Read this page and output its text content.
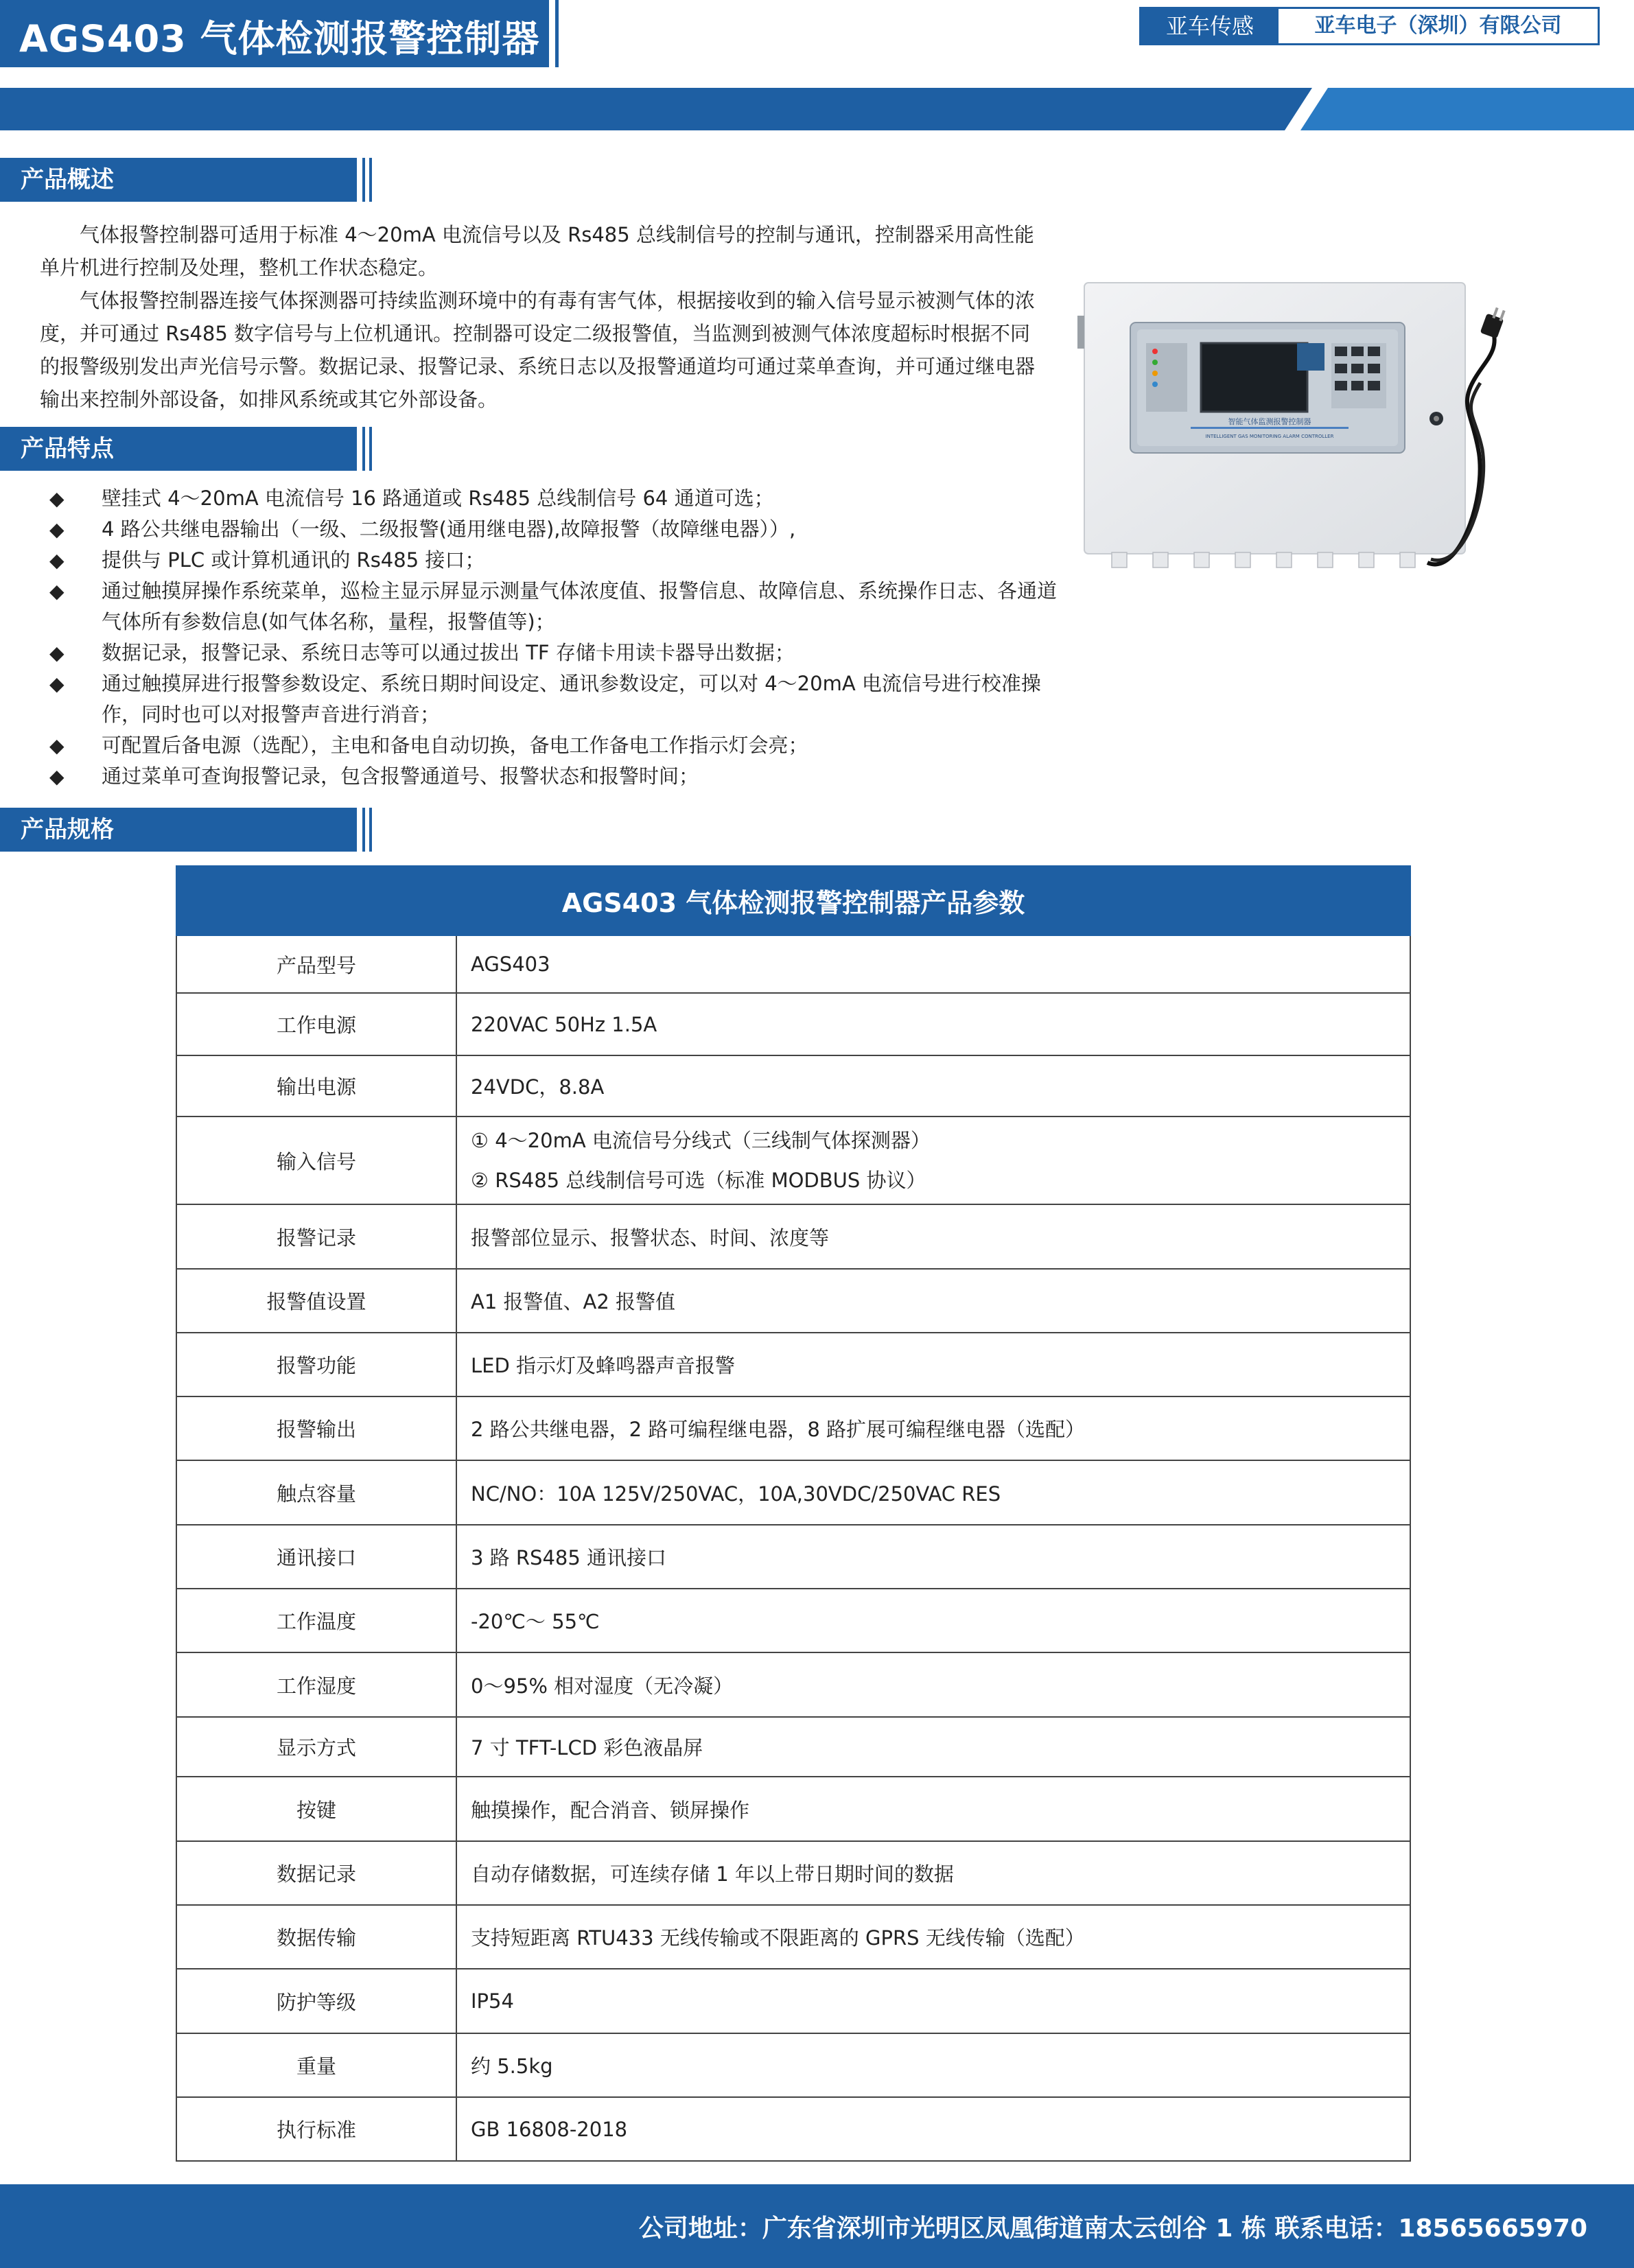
AGS403 气体检测报警控制器	亚车传感	亚车电子（深圳）有限公司
产品概述

气体报警控制器可适用于标准 4～20mA 电流信号以及 Rs485 总线制信号的控制与通讯，控制器采用高性能单片机进行控制及处理，整机工作状态稳定。

气体报警控制器连接气体探测器可持续监测环境中的有毒有害气体，根据接收到的输入信号显示被测气体的浓度，并可通过 Rs485 数字信号与上位机通讯。控制器可设定二级报警值，当监测到被测气体浓度超标时根据不同的报警级别发出声光信号示警。数据记录、报警记录、系统日志以及报警通道均可通过菜单查询，并可通过继电器输出来控制外部设备，如排风系统或其它外部设备。

智能气体监测报警控制器
INTELLIGENT GAS MONITORING ALARM CONTROLLER
产品特点
◆ 壁挂式 4～20mA 电流信号 16 路通道或 Rs485 总线制信号 64 通道可选；
◆ 4 路公共继电器输出（一级、二级报警(通用继电器),故障报警（故障继电器））,
◆ 提供与 PLC 或计算机通讯的 Rs485 接口；
◆ 通过触摸屏操作系统菜单，巡检主显示屏显示测量气体浓度值、报警信息、故障信息、系统操作日志、各通道气体所有参数信息(如气体名称，量程，报警值等)；
◆ 数据记录，报警记录、系统日志等可以通过拔出 TF 存储卡用读卡器导出数据；
◆ 通过触摸屏进行报警参数设定、系统日期时间设定、通讯参数设定，可以对 4～20mA 电流信号进行校准操作，同时也可以对报警声音进行消音；
◆ 可配置后备电源（选配），主电和备电自动切换，备电工作备电工作指示灯会亮；
◆ 通过菜单可查询报警记录，包含报警通道号、报警状态和报警时间；
产品规格
AGS403 气体检测报警控制器产品参数	
产品型号	AGS403
工作电源	220VAC 50Hz 1.5A
输出电源	24VDC，8.8A
输入信号	① 4～20mA 电流信号分线式（三线制气体探测器）
② RS485 总线制信号可选（标准 MODBUS 协议）

报警记录	报警部位显示、报警状态、时间、浓度等
报警值设置	A1 报警值、A2 报警值
报警功能	LED 指示灯及蜂鸣器声音报警
报警输出	2 路公共继电器，2 路可编程继电器，8 路扩展可编程继电器（选配）
触点容量	NC/NO：10A 125V/250VAC，10A,30VDC/250VAC RES
通讯接口	3 路 RS485 通讯接口
工作温度	-20℃～ 55℃
工作湿度	0～95% 相对湿度（无冷凝）
显示方式	7 寸 TFT-LCD 彩色液晶屏
按键	触摸操作，配合消音、锁屏操作
数据记录	自动存储数据，可连续存储 1 年以上带日期时间的数据
数据传输	支持短距离 RTU433 无线传输或不限距离的 GPRS 无线传输（选配）
防护等级	IP54
重量	约 5.5kg
执行标准	GB 16808-2018
公司地址：广东省深圳市光明区凤凰街道南太云创谷 1 栋 联系电话：18565665970
